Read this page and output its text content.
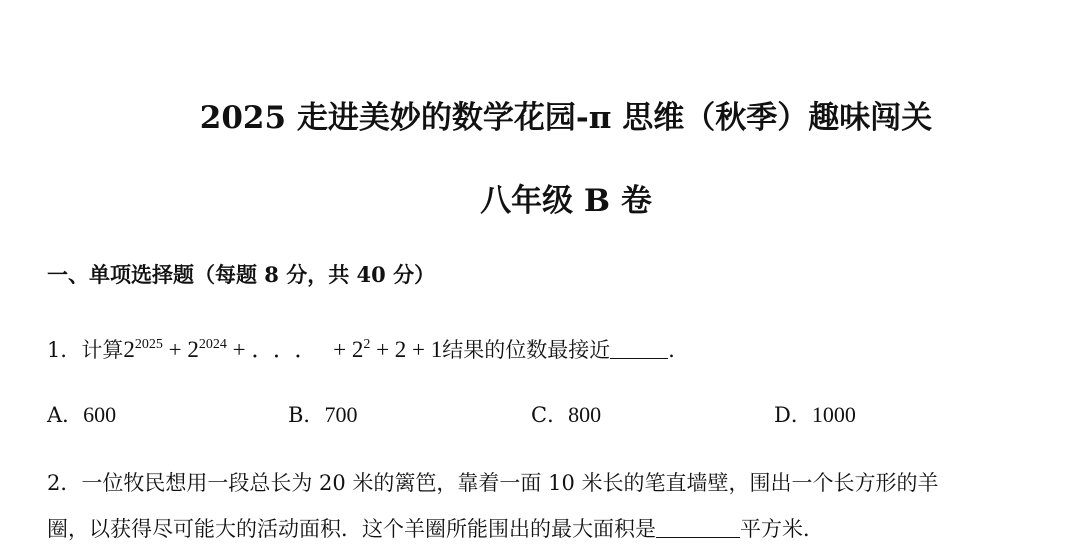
2025 走进美妙的数学花园-π 思维（秋季）趣味闯关
八年级 B 卷
一、单项选择题（每题 8 分，共 40 分）
1．计算$2^{2025} + 2^{2024}$ + ．．． + $2^2 + 2 + 1$结果的位数最接近	．
A．600	B．700	C．800	D．1000
2．一位牧民想用一段总长为 20 米的篱笆，靠着一面 10 米长的笔直墙壁，围出一个长方形的羊
圈，以获得尽可能大的活动面积．这个羊圈所能围出的最大面积是	平方米．
